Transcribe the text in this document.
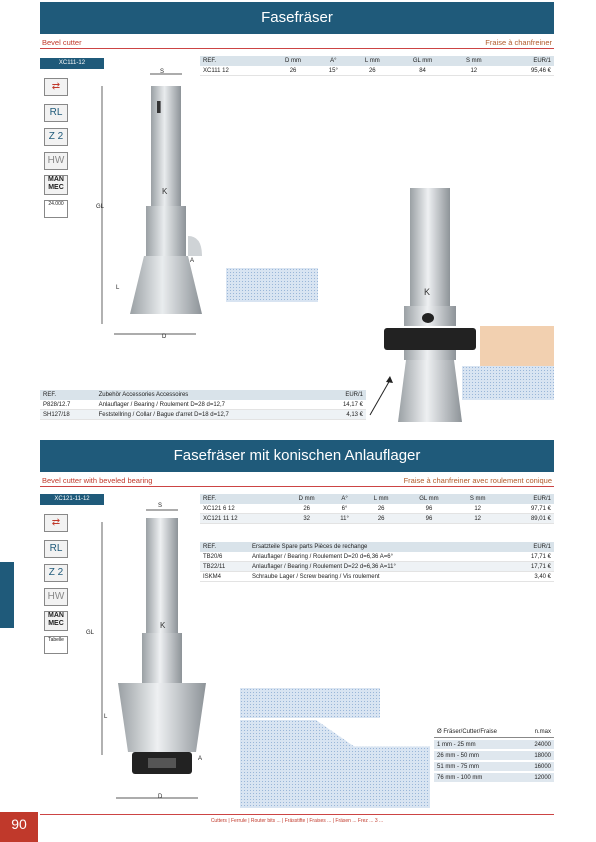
Fasefräser
Bevel cutter	Fraise à chanfreiner
XC111-12
⇄
RL
Z 2
HW
MAN MEC
24.000
▬
K
S
GL
L
D
A
REF.	D mm	A°	L mm	GL mm	S mm	EUR/1
XC111 12	26	15°	26	84	12	95,46 €
K
REF.	Zubehör Accessories Accessoires	EUR/1
P828/12.7	Anlauflager / Bearing / Roulement D=28 d=12,7	14,17 €
SH127/18	Feststellring / Collar / Bague d'arret D=18 d=12,7	4,13 €
Fasefräser mit konischen Anlauflager
Bevel cutter with beveled bearing	Fraise à chanfreiner avec roulement conique
XC121-11-12
⇄
RL
Z 2
HW
MAN MEC
Tabelle
K
S
GL
L
D
A
REF.	D mm	A°	L mm	GL mm	S mm	EUR/1
XC121 6 12	26	6°	26	96	12	97,71 €
XC121 11 12	32	11°	26	96	12	89,01 €
REF.	Ersatzteile Spare parts Pièces de rechange	EUR/1
TB20/6	Anlauflager / Bearing / Roulement D=20 d=6,36 A=6°	17,71 €
TB22/11	Anlauflager / Bearing / Roulement D=22 d=6,36 A=11°	17,71 €
ISKM4	Schraube Lager / Screw bearing / Vis roulement	3,40 €
Ø Fräser/Cutter/Fraise	n.max
1 mm - 25 mm	24000
26 mm - 50 mm	18000
51 mm - 75 mm	16000
76 mm - 100 mm	12000
90	Cutters | Ferrule | Router bits ... | Frässtifte | Fraises ... | Fräsen ... Frez ... 3 ...
